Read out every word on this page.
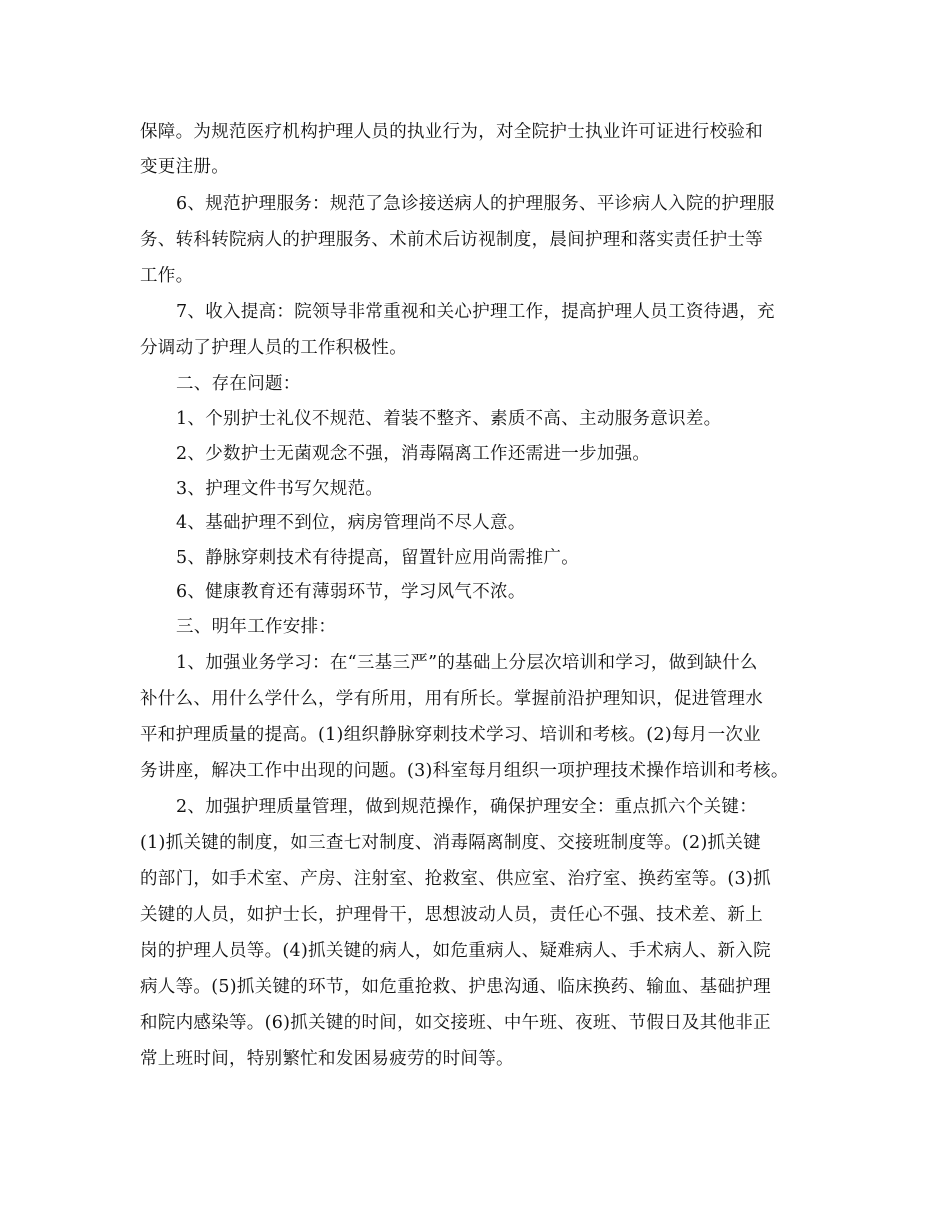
保障。为规范医疗机构护理人员的执业行为，对全院护士执业许可证进行校验和
变更注册。
6、规范护理服务：规范了急诊接送病人的护理服务、平诊病人入院的护理服
务、转科转院病人的护理服务、术前术后访视制度，晨间护理和落实责任护士等
工作。
7、收入提高：院领导非常重视和关心护理工作，提高护理人员工资待遇，充
分调动了护理人员的工作积极性。
二、存在问题：
1、个别护士礼仪不规范、着装不整齐、素质不高、主动服务意识差。
2、少数护士无菌观念不强，消毒隔离工作还需进一步加强。
3、护理文件书写欠规范。
4、基础护理不到位，病房管理尚不尽人意。
5、静脉穿刺技术有待提高，留置针应用尚需推广。
6、健康教育还有薄弱环节，学习风气不浓。
三、明年工作安排：
1、加强业务学习：在“三基三严”的基础上分层次培训和学习，做到缺什么
补什么、用什么学什么，学有所用，用有所长。掌握前沿护理知识，促进管理水
平和护理质量的提高。(1)组织静脉穿刺技术学习、培训和考核。(2)每月一次业
务讲座，解决工作中出现的问题。(3)科室每月组织一项护理技术操作培训和考核。
2、加强护理质量管理，做到规范操作，确保护理安全：重点抓六个关键：
(1)抓关键的制度，如三查七对制度、消毒隔离制度、交接班制度等。(2)抓关键
的部门，如手术室、产房、注射室、抢救室、供应室、治疗室、换药室等。(3)抓
关键的人员，如护士长，护理骨干，思想波动人员，责任心不强、技术差、新上
岗的护理人员等。(4)抓关键的病人，如危重病人、疑难病人、手术病人、新入院
病人等。(5)抓关键的环节，如危重抢救、护患沟通、临床换药、输血、基础护理
和院内感染等。(6)抓关键的时间，如交接班、中午班、夜班、节假日及其他非正
常上班时间，特别繁忙和发困易疲劳的时间等。
